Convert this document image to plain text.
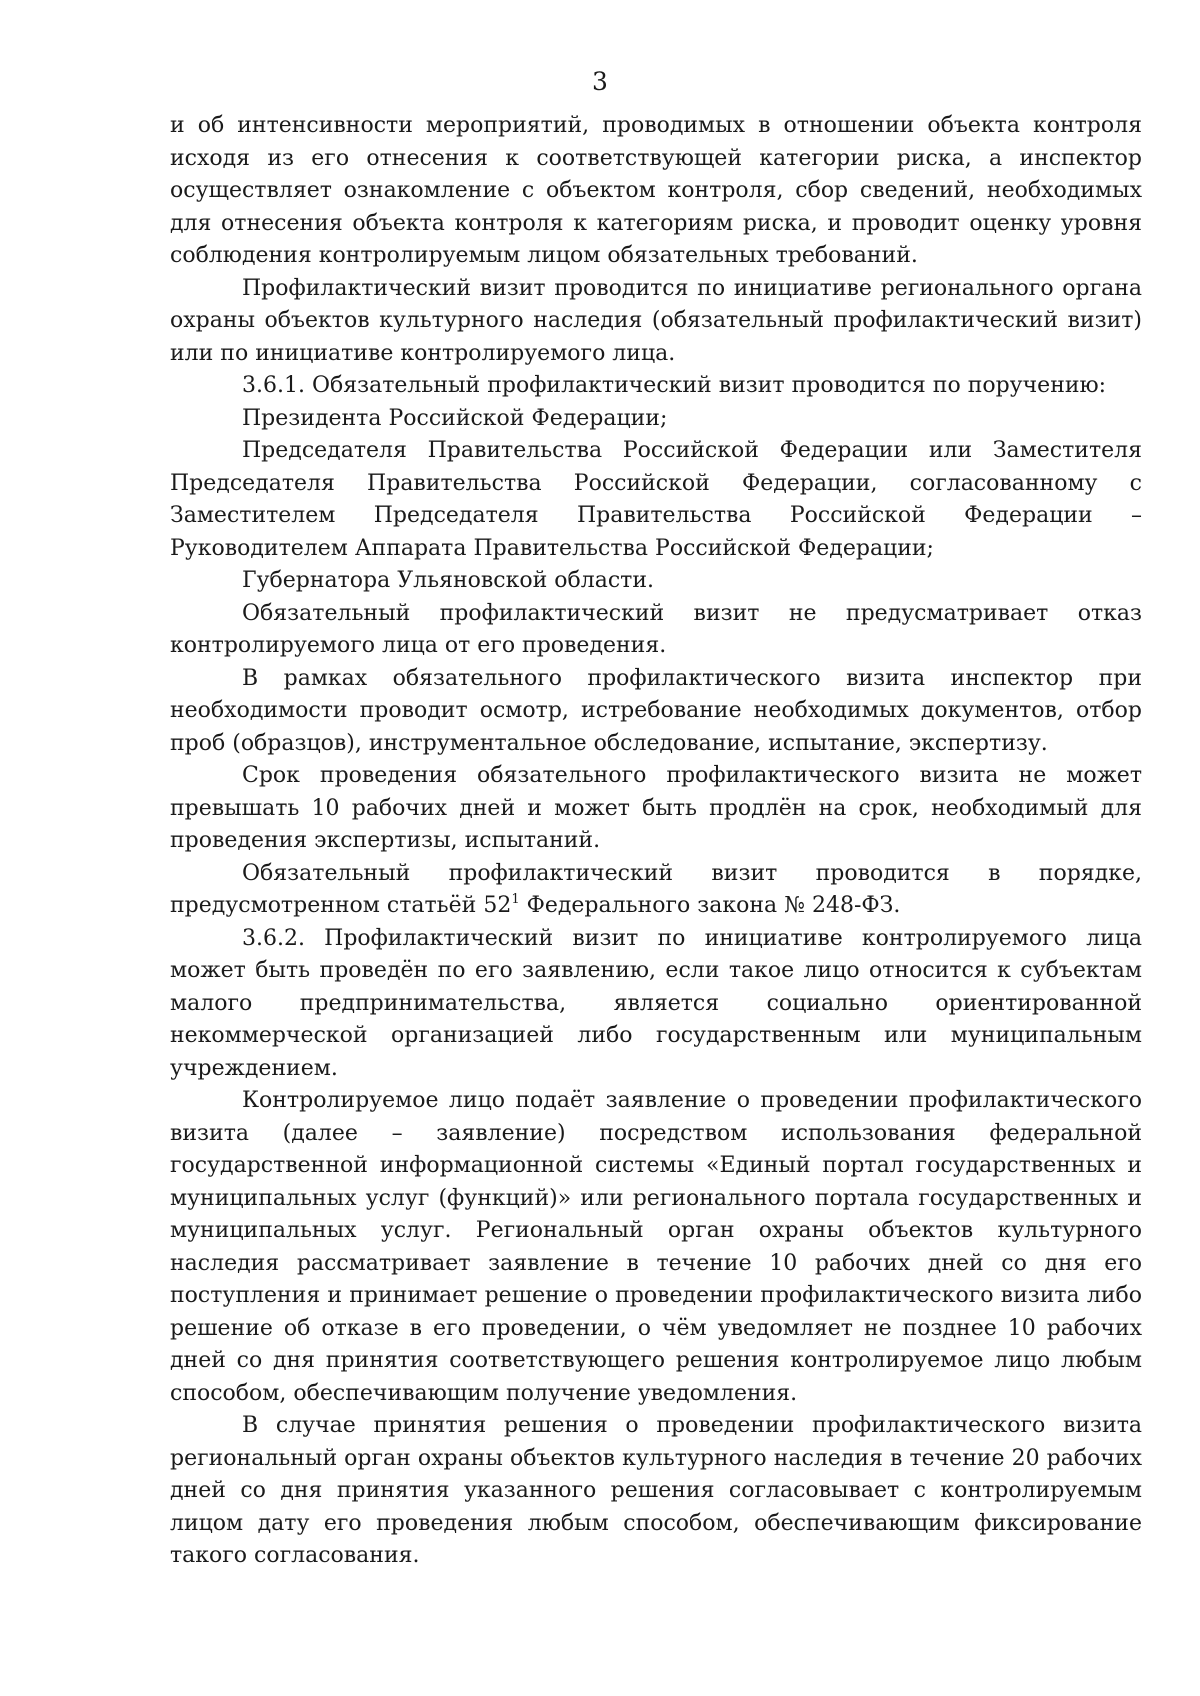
3

и об интенсивности мероприятий, проводимых в отношении объекта контроля исходя из его отнесения к соответствующей категории риска, а инспектор осуществляет ознакомление с объектом контроля, сбор сведений, необходимых для отнесения объекта контроля к категориям риска, и проводит оценку уровня соблюдения контролируемым лицом обязательных требований.

Профилактический визит проводится по инициативе регионального органа охраны объектов культурного наследия (обязательный профилактический визит) или по инициативе контролируемого лица.

3.6.1. Обязательный профилактический визит проводится по поручению:

Президента Российской Федерации;

Председателя Правительства Российской Федерации или Заместителя Председателя Правительства Российской Федерации, согласованному с Заместителем Председателя Правительства Российской Федерации – Руководителем Аппарата Правительства Российской Федерации;

Губернатора Ульяновской области.

Обязательный профилактический визит не предусматривает отказ контролируемого лица от его проведения.

В рамках обязательного профилактического визита инспектор при необходимости проводит осмотр, истребование необходимых документов, отбор проб (образцов), инструментальное обследование, испытание, экспертизу.

Срок проведения обязательного профилактического визита не может превышать 10 рабочих дней и может быть продлён на срок, необходимый для проведения экспертизы, испытаний.

Обязательный профилактический визит проводится в порядке, предусмотренном статьёй $52^1$ Федерального закона № 248-ФЗ.

3.6.2. Профилактический визит по инициативе контролируемого лица может быть проведён по его заявлению, если такое лицо относится к субъектам малого предпринимательства, является социально ориентированной некоммерческой организацией либо государственным или муниципальным учреждением.

Контролируемое лицо подаёт заявление о проведении профилактического визита (далее – заявление) посредством использования федеральной государственной информационной системы «Единый портал государственных и муниципальных услуг (функций)» или регионального портала государственных и муниципальных услуг. Региональный орган охраны объектов культурного наследия рассматривает заявление в течение 10 рабочих дней со дня его поступления и принимает решение о проведении профилактического визита либо решение об отказе в его проведении, о чём уведомляет не позднее 10 рабочих дней со дня принятия соответствующего решения контролируемое лицо любым способом, обеспечивающим получение уведомления.

В случае принятия решения о проведении профилактического визита региональный орган охраны объектов культурного наследия в течение 20 рабочих дней со дня принятия указанного решения согласовывает с контролируемым лицом дату его проведения любым способом, обеспечивающим фиксирование такого согласования.
